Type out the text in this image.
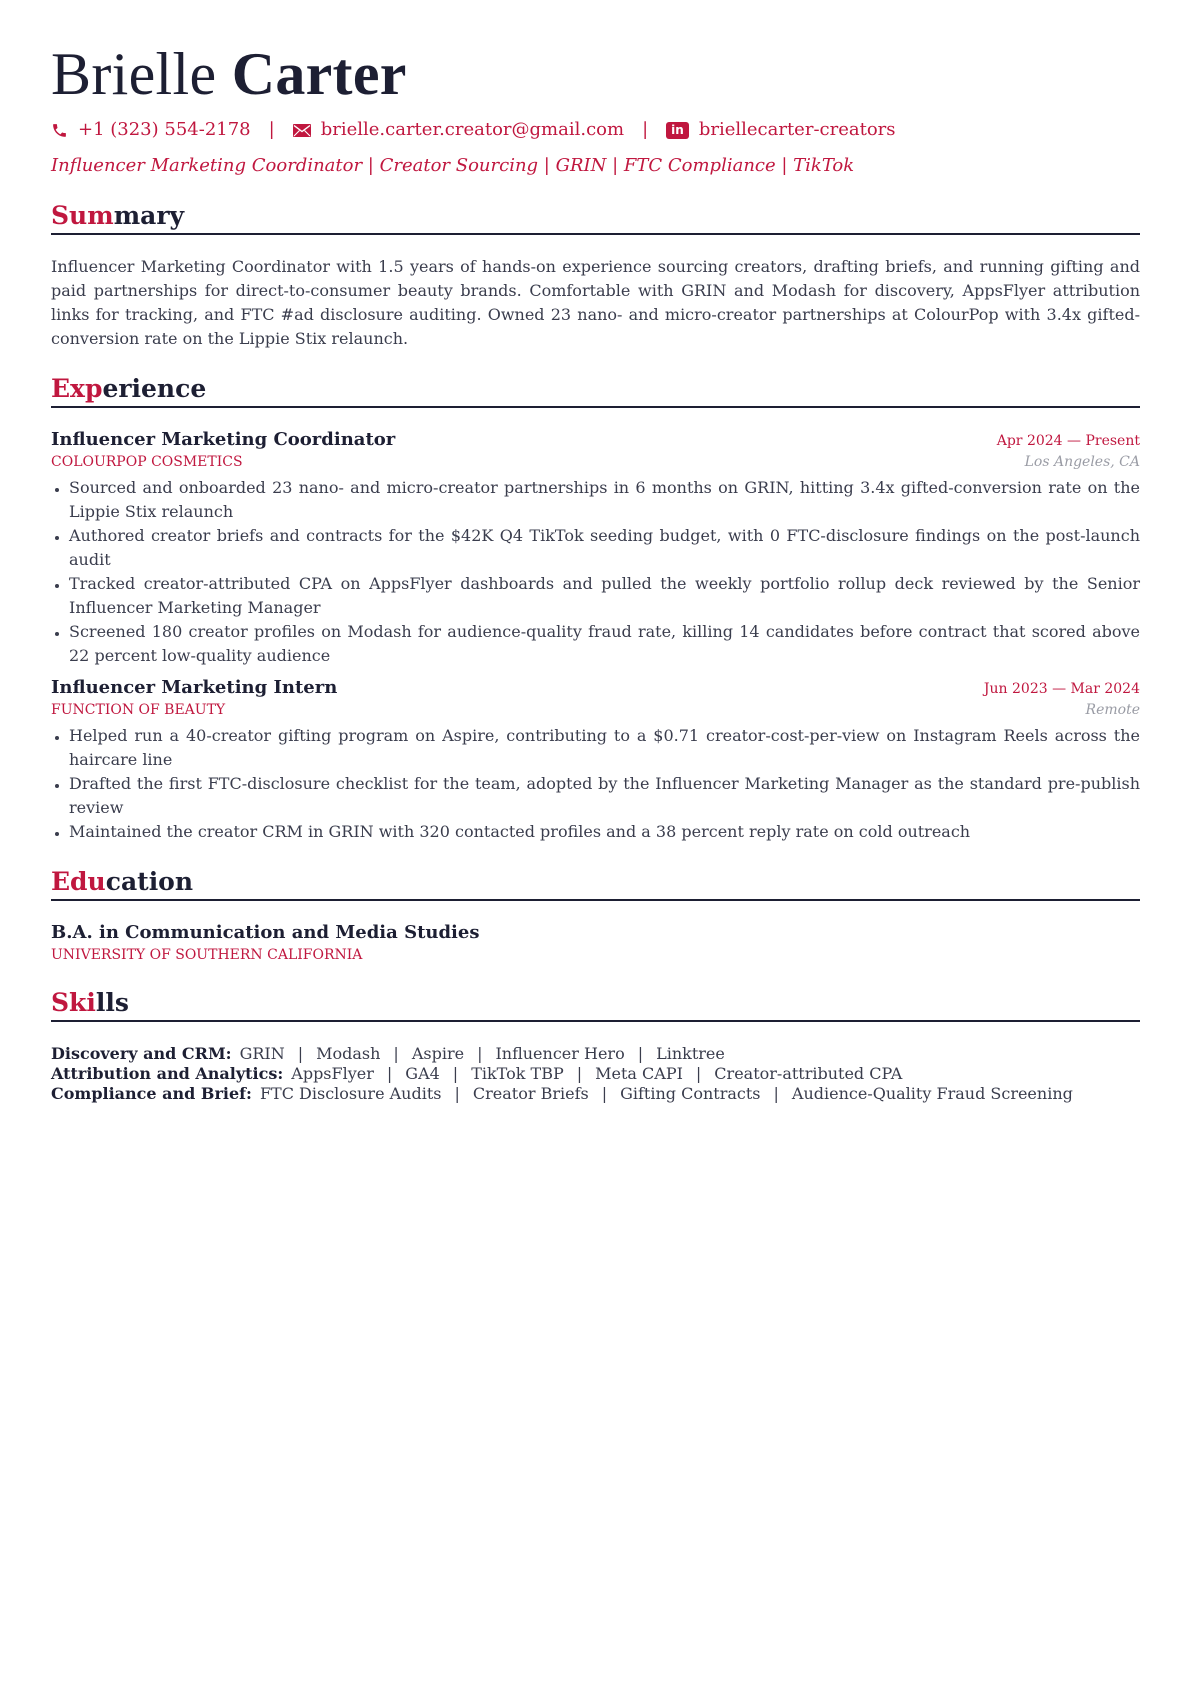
Brielle Carter
+1 (323) 554-2178 |	brielle.carter.creator@gmail.com |	in briellecarter-creators
Influencer Marketing Coordinator | Creator Sourcing | GRIN | FTC Compliance | TikTok
Summary
Influencer Marketing Coordinator with 1.5 years of hands-on experience sourcing creators, drafting briefs, and running gifting and paid partnerships for direct-to-consumer beauty brands. Comfortable with GRIN and Modash for discovery, AppsFlyer attribution links for tracking, and FTC #ad disclosure auditing. Owned 23 nano- and micro-creator partnerships at ColourPop with 3.4x gifted-conversion rate on the Lippie Stix relaunch.
Experience
Influencer Marketing Coordinator	Apr 2024 — Present
COLOURPOP COSMETICS	Los Angeles, CA
• Sourced and onboarded 23 nano- and micro-creator partnerships in 6 months on GRIN, hitting 3.4x gifted-conversion rate on the Lippie Stix relaunch
• Authored creator briefs and contracts for the $42K Q4 TikTok seeding budget, with 0 FTC-disclosure findings on the post-launch audit
• Tracked creator-attributed CPA on AppsFlyer dashboards and pulled the weekly portfolio rollup deck reviewed by the Senior Influencer Marketing Manager
• Screened 180 creator profiles on Modash for audience-quality fraud rate, killing 14 candidates before contract that scored above 22 percent low-quality audience
Influencer Marketing Intern	Jun 2023 — Mar 2024
FUNCTION OF BEAUTY	Remote
• Helped run a 40-creator gifting program on Aspire, contributing to a $0.71 creator-cost-per-view on Instagram Reels across the haircare line
• Drafted the first FTC-disclosure checklist for the team, adopted by the Influencer Marketing Manager as the standard pre-publish review
• Maintained the creator CRM in GRIN with 320 contacted profiles and a 38 percent reply rate on cold outreach
Education
B.A. in Communication and Media Studies
UNIVERSITY OF SOUTHERN CALIFORNIA
Skills
Discovery and CRM: GRIN | Modash | Aspire | Influencer Hero | Linktree
Attribution and Analytics: AppsFlyer | GA4 | TikTok TBP | Meta CAPI | Creator-attributed CPA
Compliance and Brief: FTC Disclosure Audits | Creator Briefs | Gifting Contracts | Audience-Quality Fraud Screening
